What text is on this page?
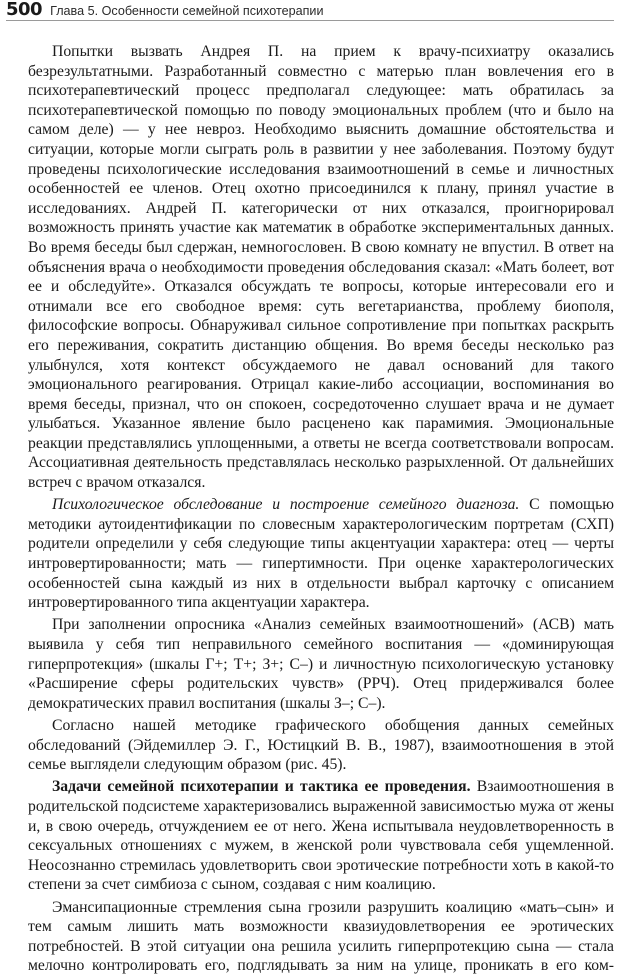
500 Глава 5. Особенности семейной психотерапии

Попытки вызвать Андрея П. на прием к врачу-психиатру оказались безрезультатными. Разработанный совместно с матерью план вовлечения его в психотерапевтический процесс предполагал следующее: мать обратилась за психотерапевтической помощью по поводу эмоциональных проблем (что и было на самом деле) — у нее невроз. Необходимо выяснить домашние обстоятельства и ситуации, которые могли сыграть роль в развитии у нее заболевания. Поэтому будут проведены психологические исследования взаимоотношений в семье и личностных особенностей ее членов. Отец охотно присоединился к плану, принял участие в исследованиях. Андрей П. категорически от них отказался, проигнорировал возможность принять участие как математик в обработке экспериментальных данных. Во время беседы был сдержан, немногословен. В свою комнату не впустил. В ответ на объяснения врача о необходимости проведения обследования сказал: «Мать болеет, вот ее и обследуйте». Отказался обсуждать те вопросы, которые интересовали его и отнимали все его свободное время: суть вегетарианства, проблему биополя, философские вопросы. Обнаруживал сильное сопротивление при попытках раскрыть его переживания, сократить дистанцию общения. Во время беседы несколько раз улыбнулся, хотя контекст обсуждаемого не давал оснований для такого эмоционального реагирования. Отрицал какие-либо ассоциации, воспоминания во время беседы, признал, что он спокоен, сосредоточенно слушает врача и не думает улыбаться. Указанное явление было расценено как парамимия. Эмоциональные реакции представлялись уплощенными, а ответы не всегда соответствовали вопросам. Ассоциативная деятельность представлялась несколько разрыхленной. От дальнейших встреч с врачом отказался.

Психологическое обследование и построение семейного диагноза. С помощью методики аутоидентификации по словесным характерологическим портретам (СХП) родители определили у себя следующие типы акцентуации характера: отец — черты интровертированности; мать — гипертимности. При оценке характерологических особенностей сына каждый из них в отдельности выбрал карточку с описанием интровертированного типа акцентуации характера.

При заполнении опросника «Анализ семейных взаимоотношений» (АСВ) мать выявила у себя тип неправильного семейного воспитания — «доминирующая гиперпротекция» (шкалы Г+; Т+; З+; С–) и личностную психологическую установку «Расширение сферы родительских чувств» (РРЧ). Отец придерживался более демократических правил воспитания (шкалы З–; С–).

Согласно нашей методике графического обобщения данных семейных обследований (Эйдемиллер Э. Г., Юстицкий В. В., 1987), взаимоотношения в этой семье выглядели следующим образом (рис. 45).

Задачи семейной психотерапии и тактика ее проведения. Взаимоотношения в родительской подсистеме характеризовались выраженной зависимостью мужа от жены и, в свою очередь, отчуждением ее от него. Жена испытывала неудовлетворенность в сексуальных отношениях с мужем, в женской роли чувствовала себя ущемленной. Неосознанно стремилась удовлетворить свои эротические потребности хоть в какой-то степени за счет симбиоза с сыном, создавая с ним коалицию.

Эмансипационные стремления сына грозили разрушить коалицию «мать–сын» и тем самым лишить мать возможности квазиудовлетворения ее эротических потребностей. В этой ситуации она решила усилить гиперпротекцию сына — стала мелочно контролировать его, подглядывать за ним на улице, проникать в его ком-
